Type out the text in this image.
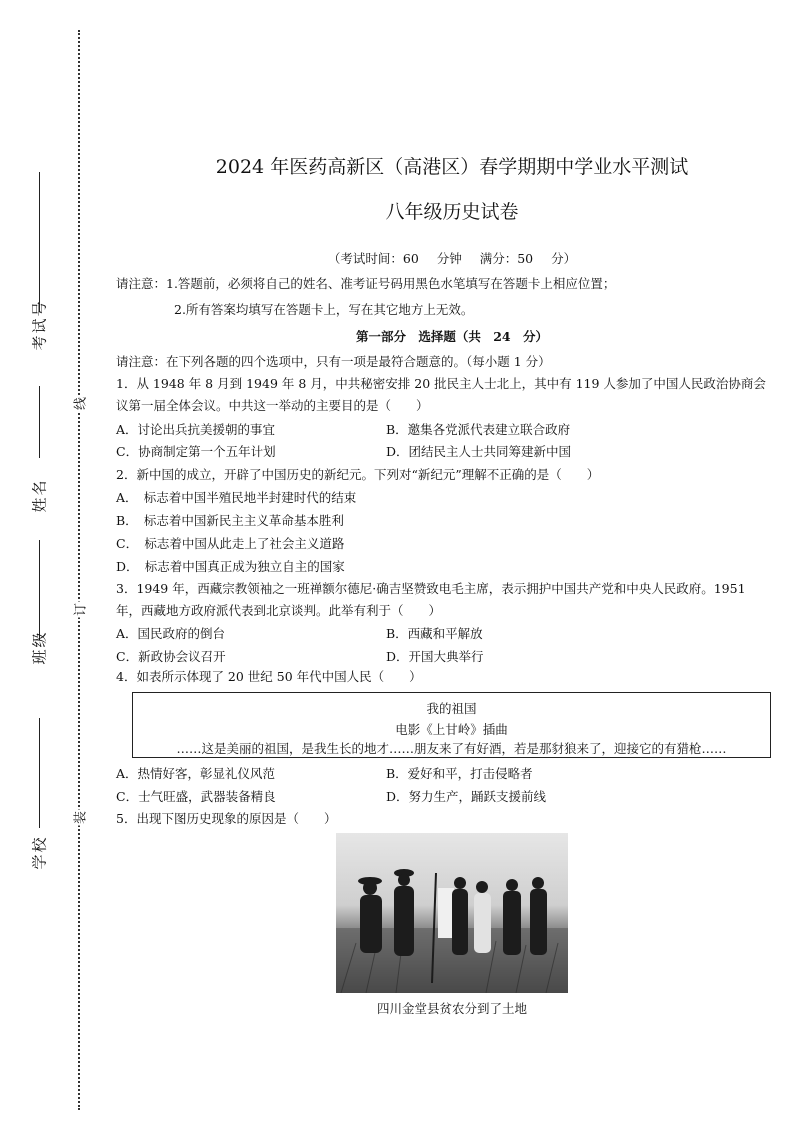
考试号
姓名
班级
学校
线
订
装
2024 年医药高新区（高港区）春学期期中学业水平测试
八年级历史试卷
（考试时间：60 分钟 满分：50 分）
请注意：1.答题前，必须将自己的姓名、准考证号码用黑色水笔填写在答题卡上相应位置；
2.所有答案均填写在答题卡上，写在其它地方上无效。
第一部分 选择题（共 24 分）
请注意：在下列各题的四个选项中，只有一项是最符合题意的。（每小题 1 分）
1．从 1948 年 8 月到 1949 年 8 月，中共秘密安排 20 批民主人士北上，其中有 119 人参加了中国人民政治协商会
议第一届全体会议。中共这一举动的主要目的是（　　）
A．讨论出兵抗美援朝的事宜	B．邀集各党派代表建立联合政府
C．协商制定第一个五年计划	D．团结民主人士共同筹建新中国
2．新中国的成立，开辟了中国历史的新纪元。下列对“新纪元”理解不正确的是（　　）
A．　标志着中国半殖民地半封建时代的结束
B．　标志着中国新民主主义革命基本胜利
C．　标志着中国从此走上了社会主义道路
D．　标志着中国真正成为独立自主的国家
3．1949 年，西藏宗教领袖之一班禅额尔德尼·确吉坚赞致电毛主席，表示拥护中国共产党和中央人民政府。1951
年，西藏地方政府派代表到北京谈判。此举有利于（　　）
A．国民政府的倒台	B．西藏和平解放
C．新政协会议召开	D．开国大典举行
4．如表所示体现了 20 世纪 50 年代中国人民（　　）
我的祖国
电影《上甘岭》插曲
……这是美丽的祖国，是我生长的地才……朋友来了有好酒，若是那豺狼来了，迎接它的有猎枪……
A．热情好客，彰显礼仪风范	B．爱好和平，打击侵略者
C．士气旺盛，武器装备精良	D．努力生产，踊跃支援前线
5．出现下图历史现象的原因是（　　）
四川金堂县贫农分到了土地
